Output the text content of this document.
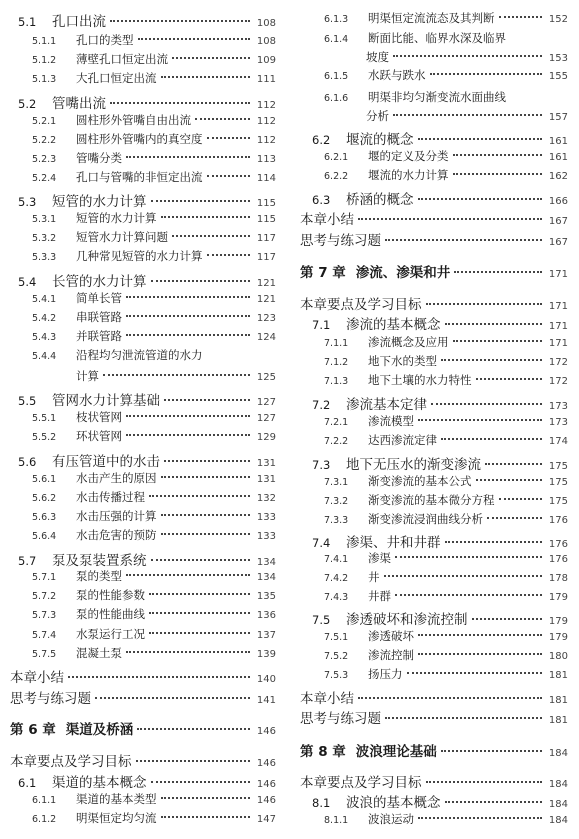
5.1	孔口出流	108
5.1.1	孔口的类型	108
5.1.2	薄壁孔口恒定出流	109
5.1.3	大孔口恒定出流	111
5.2	管嘴出流	112
5.2.1	圆柱形外管嘴自由出流	112
5.2.2	圆柱形外管嘴内的真空度	112
5.2.3	管嘴分类	113
5.2.4	孔口与管嘴的非恒定出流	114
5.3	短管的水力计算	115
5.3.1	短管的水力计算	115
5.3.2	短管水力计算问题	117
5.3.3	几种常见短管的水力计算	117
5.4	长管的水力计算	121
5.4.1	简单长管	121
5.4.2	串联管路	123
5.4.3	并联管路	124
5.4.4	沿程均匀泄流管道的水力
计算	125
5.5	管网水力计算基础	127
5.5.1	枝状管网	127
5.5.2	环状管网	129
5.6	有压管道中的水击	131
5.6.1	水击产生的原因	131
5.6.2	水击传播过程	132
5.6.3	水击压强的计算	133
5.6.4	水击危害的预防	133
5.7	泵及泵装置系统	134
5.7.1	泵的类型	134
5.7.2	泵的性能参数	135
5.7.3	泵的性能曲线	136
5.7.4	水泵运行工况	137
5.7.5	混凝土泵	139
本章小结	140
思考与练习题	141
第 6 章 渠道及桥涵	146
本章要点及学习目标	146
6.1	渠道的基本概念	146
6.1.1	渠道的基本类型	146
6.1.2	明渠恒定均匀流	147
6.1.3	明渠恒定流流态及其判断	152
6.1.4	断面比能、临界水深及临界
坡度	153
6.1.5	水跃与跌水	155
6.1.6	明渠非均匀渐变流水面曲线
分析	157
6.2	堰流的概念	161
6.2.1	堰的定义及分类	161
6.2.2	堰流的水力计算	162
6.3	桥涵的概念	166
本章小结	167
思考与练习题	167
第 7 章 渗流、渗渠和井	171
本章要点及学习目标	171
7.1	渗流的基本概念	171
7.1.1	渗流概念及应用	171
7.1.2	地下水的类型	172
7.1.3	地下土壤的水力特性	172
7.2	渗流基本定律	173
7.2.1	渗流模型	173
7.2.2	达西渗流定律	174
7.3	地下无压水的渐变渗流	175
7.3.1	渐变渗流的基本公式	175
7.3.2	渐变渗流的基本微分方程	175
7.3.3	渐变渗流浸润曲线分析	176
7.4	渗渠、井和井群	176
7.4.1	渗渠	176
7.4.2	井	178
7.4.3	井群	179
7.5	渗透破坏和渗流控制	179
7.5.1	渗透破坏	179
7.5.2	渗流控制	180
7.5.3	扬压力	181
本章小结	181
思考与练习题	181
第 8 章 波浪理论基础	184
本章要点及学习目标	184
8.1	波浪的基本概念	184
8.1.1	波浪运动	184
